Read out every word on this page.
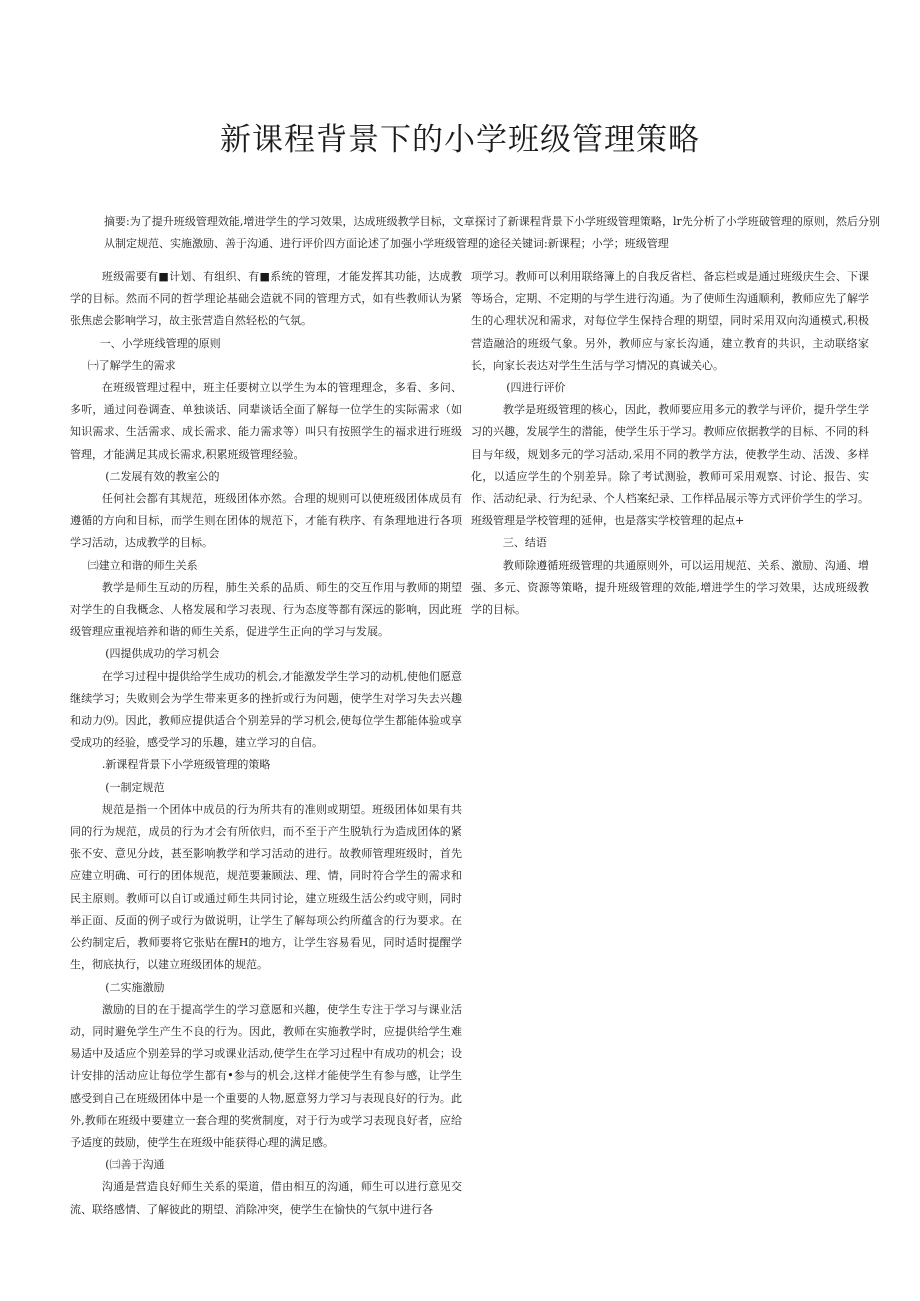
新课程背景下的小学班级管理策略

摘要:为了提升班级管理效能,增进学生的学习效果，达成班级教学目标，文章探讨了新课程背景下小学班级管理策略，lr先分析了小学班破管理的原则，然后分别从制定规范、实施激励、善于沟通、进行评价四方面论述了加强小学班级管理的途径关键词:新课程；小学；班级管理

班级需要有■计划、有组织、有■系统的管理，才能发挥其功能，达成教学的目标。然而不同的哲学理论基础会造就不同的管理方式，如有些教师认为紧张焦虑会影响学习，故主张营造自然轻松的气氛。

一、小学班线管理的原则

㈠了解学生的需求

在班级管理过程中，班主任要树立以学生为本的管理理念，多看、多问、多听，通过问卷调查、单独谈话、同辈谈话全面了解每一位学生的实际需求（如知识需求、生活需求、成长需求、能力需求等）叫只有按照学生的福求进行班级管理，才能满足其成长需求,积累班级管理经验。

(二发展有效的教室公的

任何社会都有其规范，班级团体亦然。合理的规则可以使班级团体成员有遵循的方向和目标，而学生则在团体的规范下，才能有秩序、有条理地进行各项学习活动，达成教学的目标。

㈢建立和谐的师生关系

教学是师生互动的历程，肺生关系的品质、师生的交互作用与教师的期望对学生的自我概念、人格发展和学习表现、行为态度等都有深远的影响，因此班级管理应重视培养和谐的师生关系，促进学生正向的学习与发展。

(四提供成功的学习机会

在学习过程中提供给学生成功的机会,才能激发学生学习的动机,使他们愿意继续学习；失败则会为学生带来更多的挫折或行为问题，使学生对学习失去兴趣和动力⑼。因此，教师应提供适合个别差异的学习机会,使每位学生都能体验或享受成功的经验，感受学习的乐趣，建立学习的自信。

.新课程背景下小学班级管理的策略

(一制定规范

规范是指一个团体中成员的行为所共有的准则或期望。班级团体如果有共同的行为规范，成员的行为才会有所依归，而不至于产生脱轨行为造成团体的紧张不安、意见分歧，甚至影响教学和学习活动的进行。故教师管理班级时，首先应建立明确、可行的团体规范，规范要兼顾法、理、情，同时符合学生的需求和民主原则。教师可以自订或通过师生共同讨论，建立班级生活公约或守则，同时举正面、反面的例子或行为做说明，让学生了解每项公约所蕴含的行为要求。在公约制定后，教师要将它张贴在醒H的地方，让学生容易看见，同时适时提醒学生，彻底执行，以建立班级团体的规范。

(二实施激励

激励的目的在于提高学生的学习意愿和兴趣，使学生专注于学习与课业活动，同时避免学生产生不良的行为。因此，教师在实施教学时，应提供给学生难易适中及适应个别差异的学习或课业活动,使学生在学习过程中有成功的机会；设计安排的活动应让每位学生都有•参与的机会,这样才能使学生有参与感，让学生感受到自己在班级团体中是一个重要的人物,愿意努力学习与表现良好的行为。此外,教师在班级中要建立一套合理的奖赏制度，对于行为或学习表现良好者，应给予适度的鼓励，使学生在班级中能获得心理的满足感。

(㈢善于沟通

沟通是营造良好师生关系的渠道，借由相互的沟通，师生可以进行意见交流、联络感情、了解彼此的期望、消除冲突，使学生在愉快的气氛中进行各

项学习。教师可以利用联络簿上的自我反省栏、备忘栏或是通过班级庆生会、下课等场合，定期、不定期的与学生进行沟通。为了使师生沟通顺利，教师应先了解学生的心理状况和需求，对每位学生保持合理的期望，同时采用双向沟通模式,积极营造融洽的班级气象。另外，教师应与家长沟通，建立教育的共识，主动联络家长，向家长表达对学生生活与学习情况的真诚关心。

(四进行评价

教学是班级管理的核心，因此，教师要应用多元的教学与评价，提升学生学习的兴趣，发展学生的潜能，使学生乐于学习。教师应依据教学的目标、不同的科目与年级，规划多元的学习活动,采用不同的教学方法，使教学生动、活泼、多样化，以适应学生的个别差异。除了考试测验，教师可采用观察、讨论、报告、实作、活动纪录、行为纪录、个人档案纪录、工作样品展示等方式评价学生的学习。班级管理是学校管理的延伸，也是落实学校管理的起点+

三、结语

教师除遵循班级管理的共通原则外，可以运用规范、关系、激励、沟通、增强、多元、资源等策略，提升班级管理的效能,增进学生的学习效果，达成班级教学的目标。
